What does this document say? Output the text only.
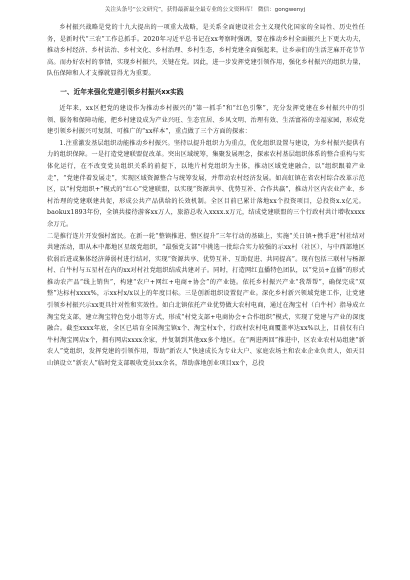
关注头条号“公文研究”，获得最新最全最专业的公文资料库！ 微信：gongwenyj

乡村振兴战略是党的十九大提出的一项重大战略，是关系全面建设社会主义现代化国家的全局性、历史性任务，是新时代“三农”工作总抓手。2020年习近平总书记在xx考察时强调，要在推动乡村全面振兴上下更大功夫，推动乡村经济、乡村法治、乡村文化、乡村治理、乡村生态，乡村党建全面强起来，让乡亲们的生活芝麻开花节节高。而办好农村的事情，实现乡村振兴，关键在党。因此，进一步发挥党建引领作用，强化乡村振兴的组织力量，队伍保障和人才支撑就显得尤为重要。

一、近年来强化党建引领乡村振兴xx实践

近年来，xx区把党的建设作为推动乡村振兴的“第一抓手”和“红色引擎”，充分发挥党建在乡村振兴中的引领、服务和保障功能，把乡村建设成为产业兴旺、生态宜居、乡风文明、治理有效、生活富裕的幸福家园，形成党建引领乡村振兴可复制、可推广的“xx样本”，重点做了三个方面的探索：

1.注重激发基层组织动能推动乡村振兴。坚持以提升组织力为重点，优化组织设置与建设，为乡村振兴提供有力的组织保障。一是打造党建联盟促改革。突出区域统筹，集聚发展理念，探索农村基层组织体系的整合重构与实体化运行，在不改变党员组织关系的前提下，以地片村党组织为主体，推动区域党建融合，以“组织跟着产业走”，“党建伴着发展走”，实现区域资源整合与统筹发展，并带动农村经济发展。如高虹镇在省农村综合改革示范区，以“村党组织+”模式的“红心”党建联盟，以实现“资源共享、优势互补、合作共赢”，推动片区内农业产业、乡村治理的党建联建共促，形成公共产品供给的长效机制。全区目前已累计落地xx个投资项目，总投资x.x亿元。baokux1893年份，全镇共接待游客xx万人，旅游总收入xxxx.x万元，结成党建联盟的三个行政村共计增收xxxx余万元。

二是推行连片开发强村富民。在新一轮“整镇推进、整区提升”三年行动的基础上，实施“关日镇+携手进”村社结对共建活动，即从本中都地区星级党组织，“最强党支部”中挑选一批综合实力较强的示xx村（社区），与中西部地区软弱后进或集体经济薄弱村进行结对，实现“资源共享、优势互补、互助促进、共同提高”。现有包括三联村与杨源村、白牛村与五星村在内的xx对村社党组织结成共建对子。同时，打造网红直播特色团队，以“党员+直播”的形式推动农产品“线上销售”，构建“农户+网红+电商+协会”的产业链。依托乡村振兴产业“我帮帮”，确保完成“双整”达标村xxxx%，示xx村x/x以上的年度目标。三是创新组织设置促产业。深化乡村新兴领域党建工作，让党建引领乡村振兴示xx更具针对性和实效性。如白北镇依托产业优势做大农村电商，通过在淘宝村（白牛村）指导成立淘宝党支部，建立淘宝特色党小组等方式，形成“村党支部+电商协会+合作组织”模式，实现了党建与产业的深度融合。截至xxxx年底，全区已培育全国淘宝镇x个、淘宝村x个，行政村农村电商覆盖率达xx%以上，目前仅有白牛村淘宝网店x个，拥有网店xxxx余家，并复制到其他xx多个地区。在“两进两回”推进中，区农业农村局组建“新农人”党组织，发挥党建的引领作用，帮助“新农人”快速成长为专业大户、家庭农场主和农业企业负责人，如天目山镇设立“新农人”临时党支部吸收党员xx余名，帮助落地创业项目xx个，总投
